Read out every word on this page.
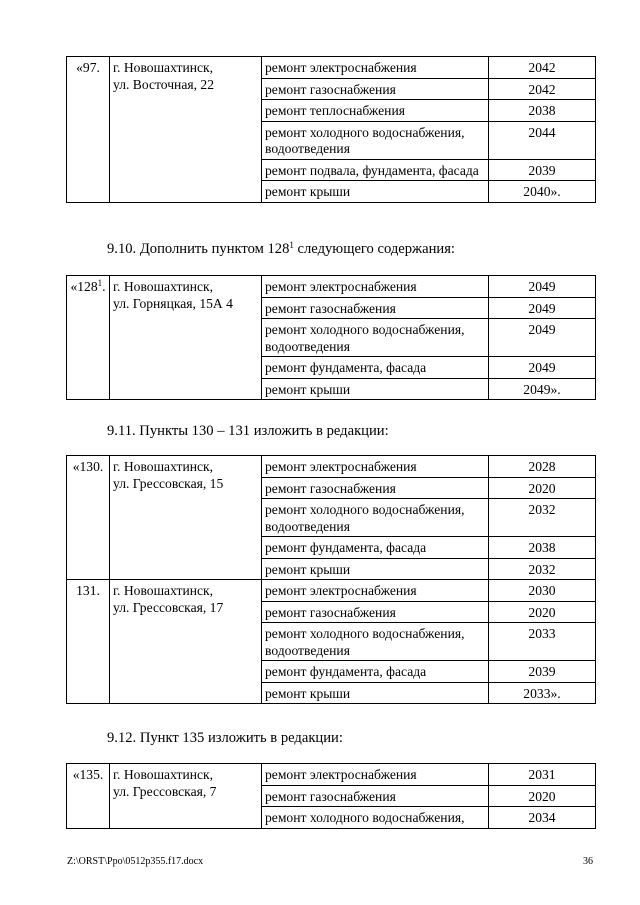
«97.	г. Новошахтинск,
ул. Восточная, 22	ремонт электроснабжения	2042
		ремонт газоснабжения	2042
		ремонт теплоснабжения	2038
		ремонт холодного водоснабжения, водоотведения	2044
		ремонт подвала, фундамента, фасада	2039
		ремонт крыши	2040».

9.10. Дополнить пунктом $128^1$ следующего содержания:

«$128^1$.	г. Новошахтинск,
ул. Горняцкая, 15А 4	ремонт электроснабжения	2049
		ремонт газоснабжения	2049
		ремонт холодного водоснабжения, водоотведения	2049
		ремонт фундамента, фасада	2049
		ремонт крыши	2049».

9.11. Пункты 130 – 131 изложить в редакции:

«130.	г. Новошахтинск,
ул. Грессовская, 15	ремонт электроснабжения	2028
		ремонт газоснабжения	2020
		ремонт холодного водоснабжения, водоотведения	2032
		ремонт фундамента, фасада	2038
		ремонт крыши	2032
131.	г. Новошахтинск,
ул. Грессовская, 17	ремонт электроснабжения	2030
		ремонт газоснабжения	2020
		ремонт холодного водоснабжения, водоотведения	2033
		ремонт фундамента, фасада	2039
		ремонт крыши	2033».

9.12. Пункт 135 изложить в редакции:

«135.	г. Новошахтинск,
ул. Грессовская, 7	ремонт электроснабжения	2031
		ремонт газоснабжения	2020
		ремонт холодного водоснабжения,	2034
Z:\ORST\Ppo\0512p355.f17.docx	36
